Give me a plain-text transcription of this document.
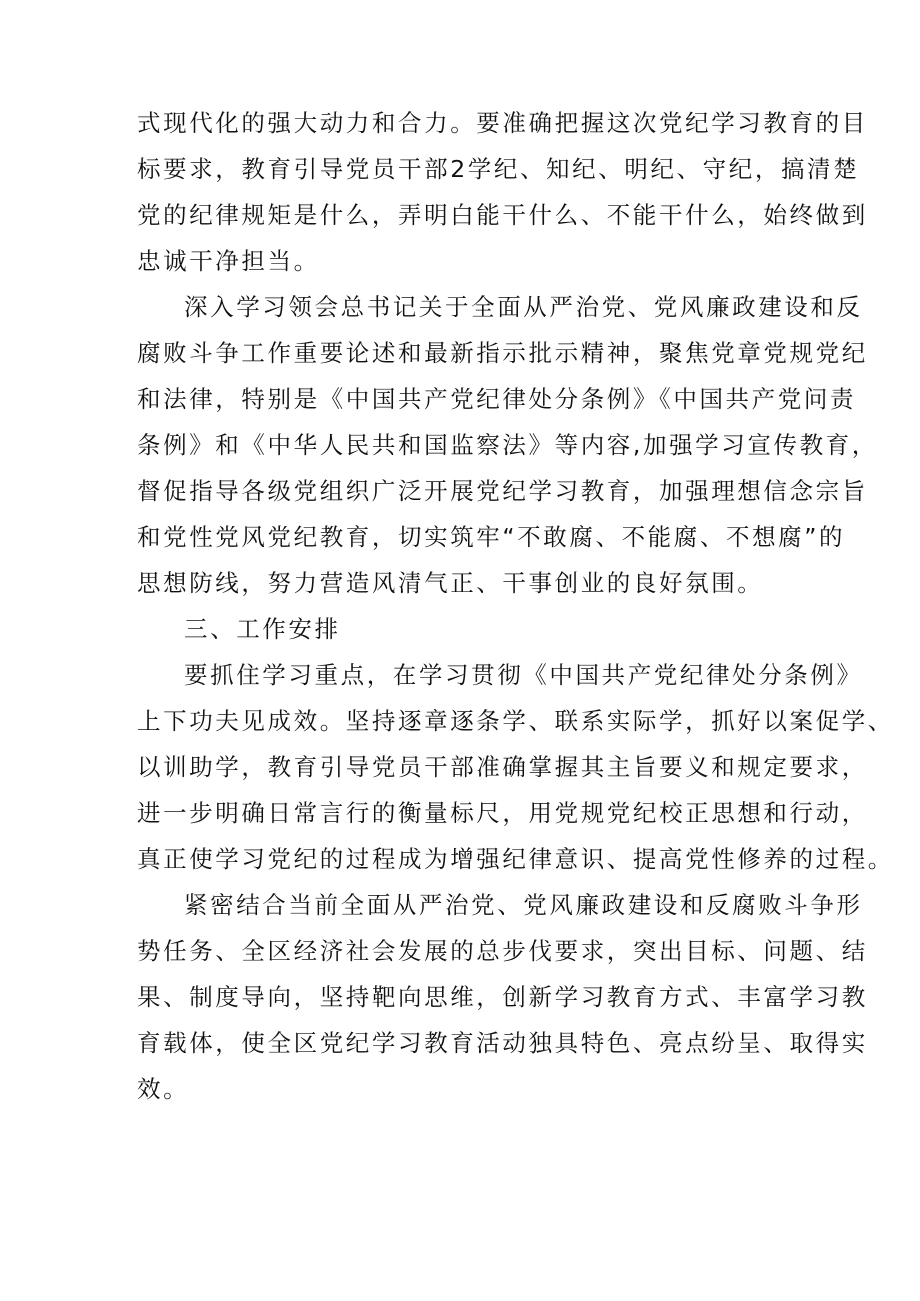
式现代化的强大动力和合力。要准确把握这次党纪学习教育的目
标要求，教育引导党员干部2学纪、知纪、明纪、守纪，搞清楚
党的纪律规矩是什么，弄明白能干什么、不能干什么，始终做到
忠诚干净担当。
深入学习领会总书记关于全面从严治党、党风廉政建设和反
腐败斗争工作重要论述和最新指示批示精神，聚焦党章党规党纪
和法律，特别是《中国共产党纪律处分条例》《中国共产党问责
条例》和《中华人民共和国监察法》等内容,加强学习宣传教育，
督促指导各级党组织广泛开展党纪学习教育，加强理想信念宗旨
和党性党风党纪教育，切实筑牢“不敢腐、不能腐、不想腐”的
思想防线，努力营造风清气正、干事创业的良好氛围。
三、工作安排
要抓住学习重点，在学习贯彻《中国共产党纪律处分条例》
上下功夫见成效。坚持逐章逐条学、联系实际学，抓好以案促学、
以训助学，教育引导党员干部准确掌握其主旨要义和规定要求，
进一步明确日常言行的衡量标尺，用党规党纪校正思想和行动，
真正使学习党纪的过程成为增强纪律意识、提高党性修养的过程。
紧密结合当前全面从严治党、党风廉政建设和反腐败斗争形
势任务、全区经济社会发展的总步伐要求，突出目标、问题、结
果、制度导向，坚持靶向思维，创新学习教育方式、丰富学习教
育载体，使全区党纪学习教育活动独具特色、亮点纷呈、取得实
效。
